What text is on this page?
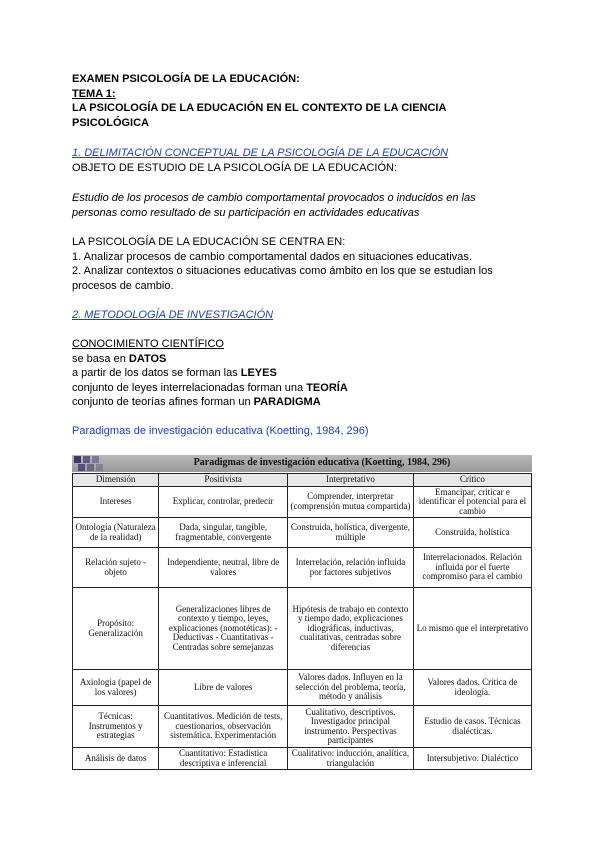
EXAMEN PSICOLOGÍA DE LA EDUCACIÓN:
TEMA 1:
LA PSICOLOGÍA DE LA EDUCACIÓN EN EL CONTEXTO DE LA CIENCIA
PSICOLÓGICA
1. DELIMITACIÓN CONCEPTUAL DE LA PSICOLOGÍA DE LA EDUCACIÓN
OBJETO DE ESTUDIO DE LA PSICOLOGÍA DE LA EDUCACIÓN:
Estudio de los procesos de cambio comportamental provocados o inducidos en las
personas como resultado de su participación en actividades educativas
LA PSICOLOGÍA DE LA EDUCACIÓN SE CENTRA EN:
1. Analizar procesos de cambio comportamental dados en situaciones educativas.
2. Analizar contextos o situaciones educativas como ámbito en los que se estudian los
procesos de cambio.
2. METODOLOGÍA DE INVESTIGACIÓN
CONOCIMIENTO CIENTÍFICO
se basa en DATOS
a partir de los datos se forman las LEYES
conjunto de leyes interrelacionadas forman una TEORÍA
conjunto de teorías afines forman un PARADIGMA
Paradigmas de investigación educativa (Koetting, 1984, 296)
Paradigmas de investigación educativa (Koetting, 1984, 296)
Dimensión	Positivista	Interpretativo	Crítico
Intereses	Explicar, controlar, predecir	Comprender, interpretar (comprensión mutua compartida)	Emancipar, criticar e identificar el potencial para el cambio
Ontología (Naturaleza de la realidad)	Dada, singular, tangible, fragmentable, convergente	Construida, holística, divergente, múltiple	Construida, holística
Relación sujeto - objeto	Independiente, neutral, libre de valores	Interrelación, relación influida por factores subjetivos	Interrelacionados. Relación influida por el fuerte compromiso para el cambio
Propósito: Generalización	Generalizaciones libres de contexto y tiempo, leyes, explicaciones (nomotéticas): - Deductivas - Cuantitativas - Centradas sobre semejanzas	Hipótesis de trabajo en contexto y tiempo dado, explicaciones idiográficas, inductivas, cualitativas, centradas sobre diferencias	Lo mismo que el interpretativo
Axiología (papel de los valores)	Libre de valores	Valores dados. Influyen en la selección del problema, teoría, método y análisis	Valores dados. Crítica de ideología.
Técnicas: Instrumentos y estrategias	Cuantitativos. Medición de tests, cuestionarios, observación sistemática. Experimentación	Cualitativo, descriptivos. Investigador principal instrumento. Perspectivas participantes	Estudio de casos. Técnicas dialécticas.
Análisis de datos	Cuantitativo: Estadística descriptiva e inferencial	Cualitativo: inducción, analítica, triangulación	Intersubjetivo. Dialéctico
